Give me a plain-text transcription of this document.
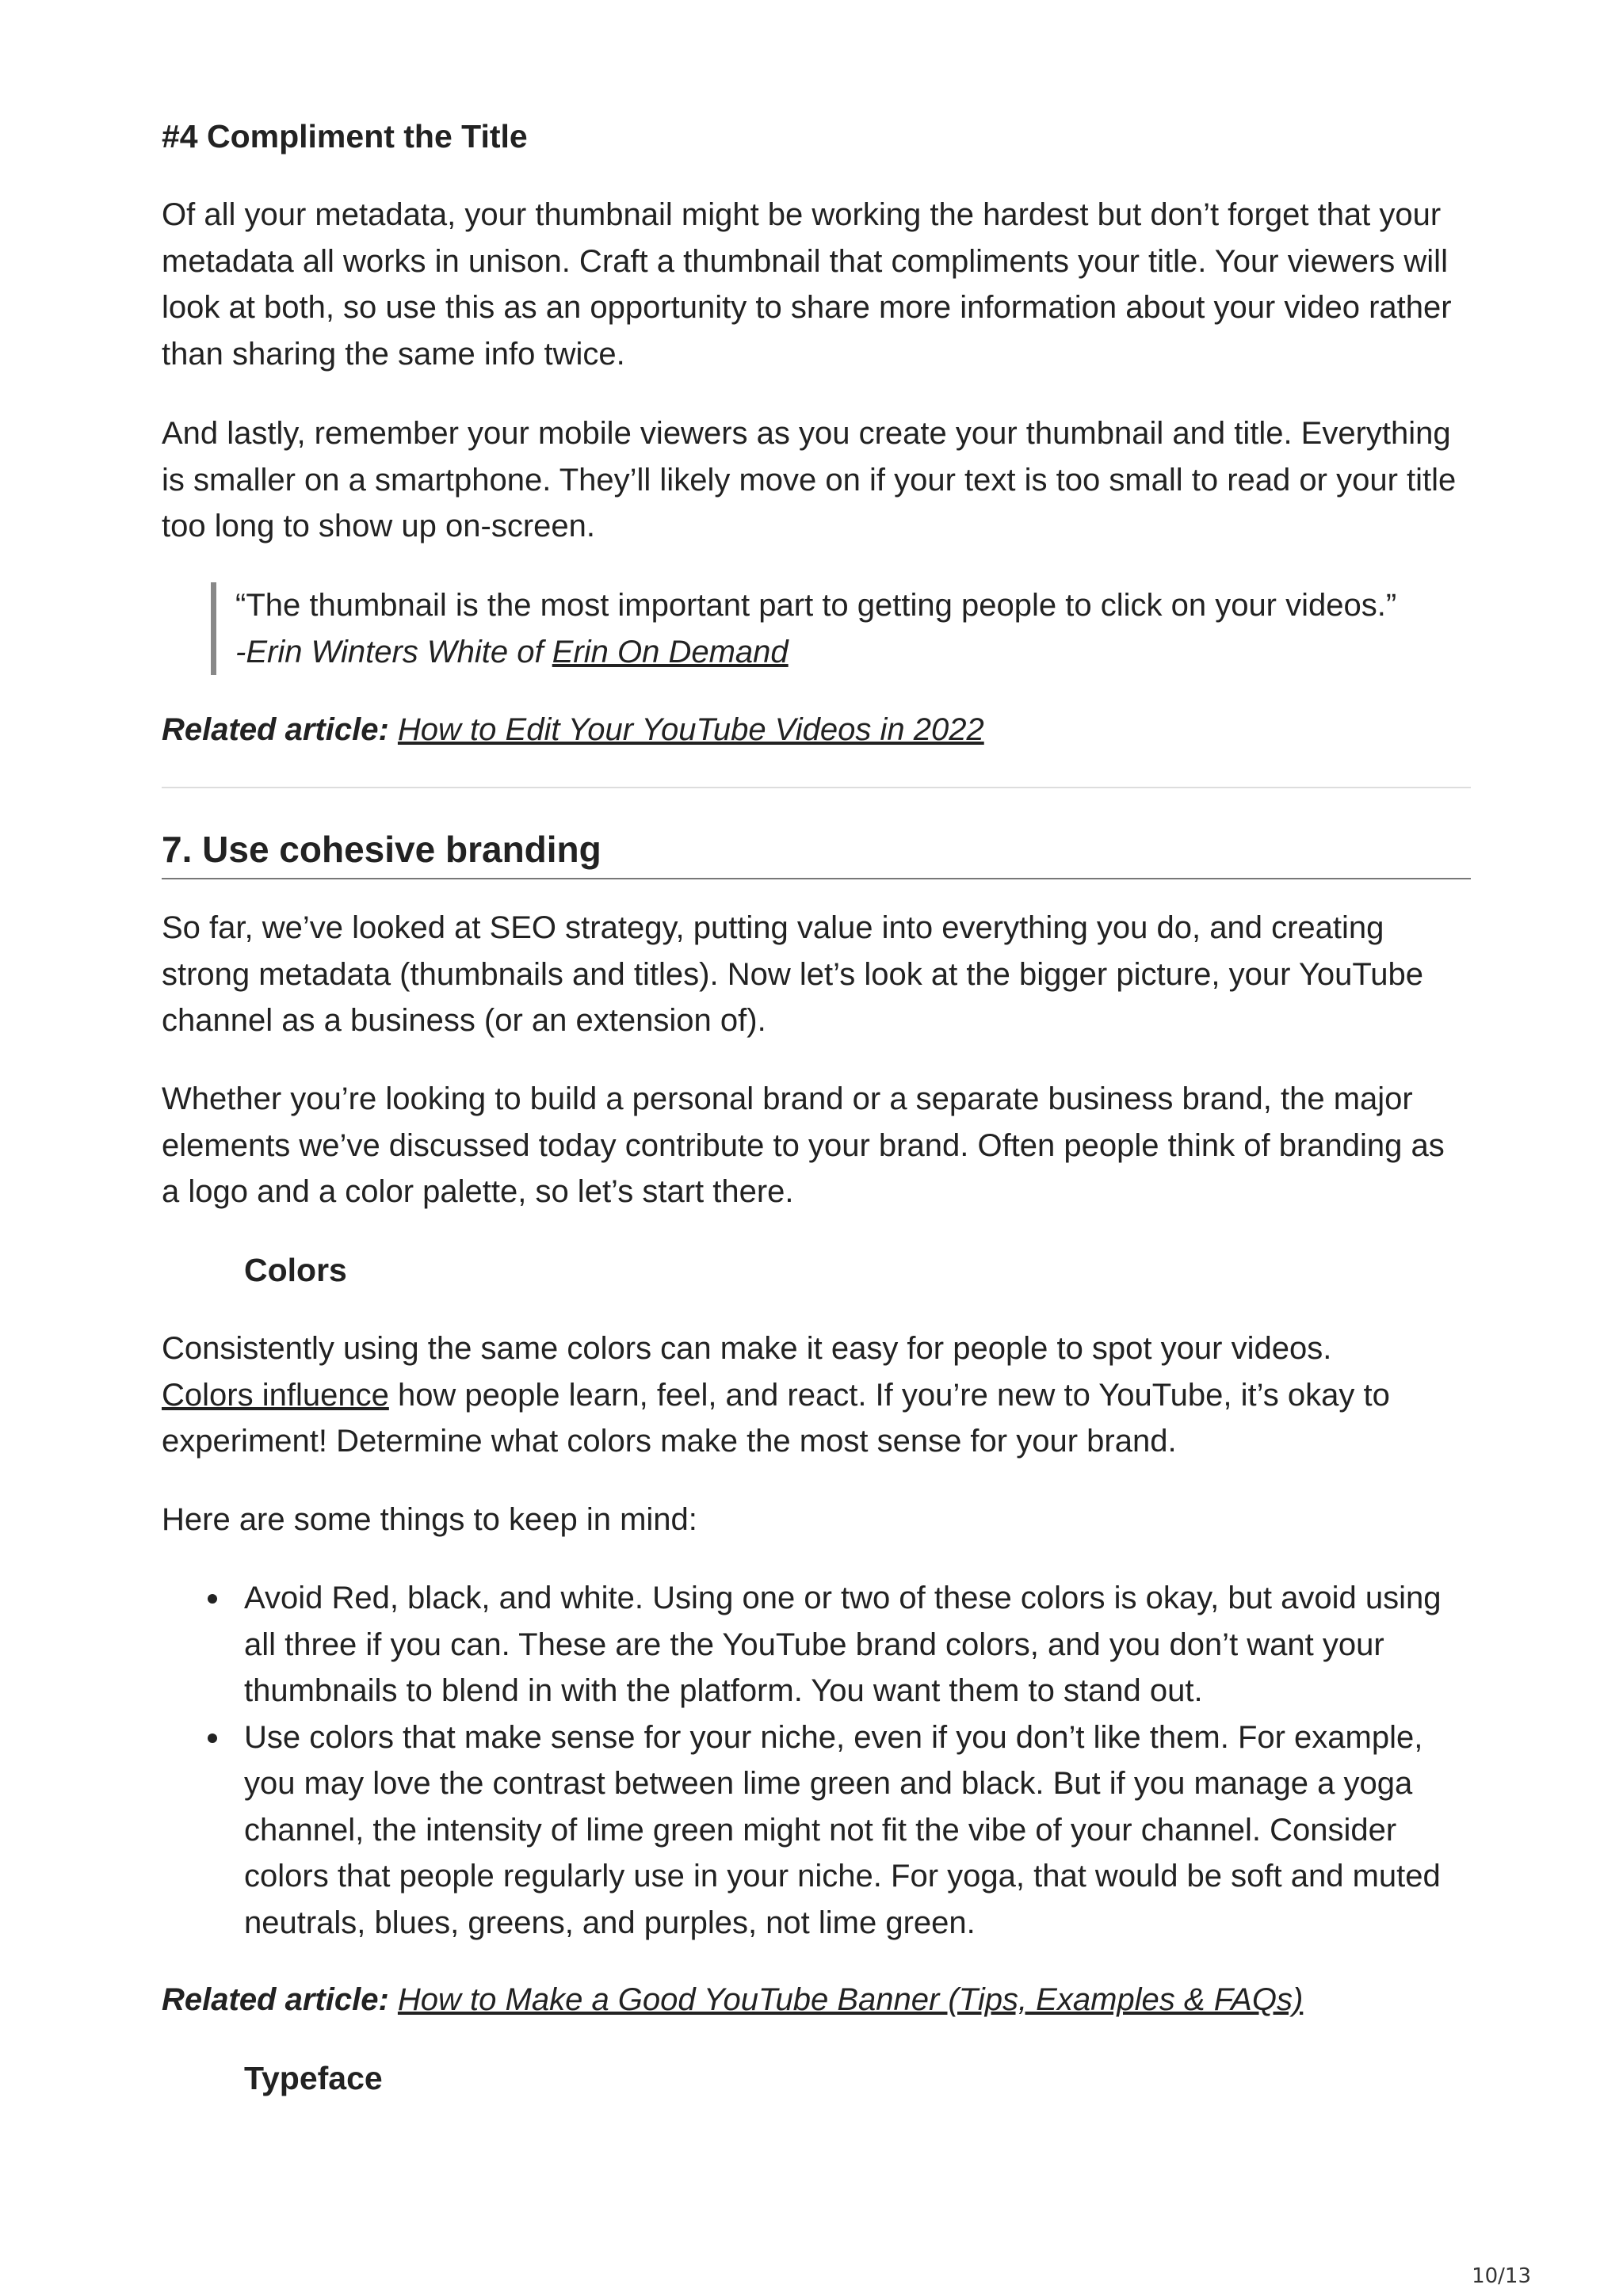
#4 Compliment the Title

Of all your metadata, your thumbnail might be working the hardest but don’t forget that your metadata all works in unison. Craft a thumbnail that compliments your title. Your viewers will look at both, so use this as an opportunity to share more information about your video rather than sharing the same info twice.

And lastly, remember your mobile viewers as you create your thumbnail and title. Everything is smaller on a smartphone. They’ll likely move on if your text is too small to read or your title too long to show up on-screen.

“The thumbnail is the most important part to getting people to click on your videos.”
-Erin Winters White of Erin On Demand
Related article: How to Edit Your YouTube Videos in 2022
7. Use cohesive branding

So far, we’ve looked at SEO strategy, putting value into everything you do, and creating strong metadata (thumbnails and titles). Now let’s look at the bigger picture, your YouTube channel as a business (or an extension of).

Whether you’re looking to build a personal brand or a separate business brand, the major elements we’ve discussed today contribute to your brand. Often people think of branding as a logo and a color palette, so let’s start there.

Colors

Consistently using the same colors can make it easy for people to spot your videos.
Colors influence how people learn, feel, and react. If you’re new to YouTube, it’s okay to experiment! Determine what colors make the most sense for your brand.

Here are some things to keep in mind:

Avoid Red, black, and white. Using one or two of these colors is okay, but avoid using all three if you can. These are the YouTube brand colors, and you don’t want your thumbnails to blend in with the platform. You want them to stand out.
Use colors that make sense for your niche, even if you don’t like them. For example, you may love the contrast between lime green and black. But if you manage a yoga channel, the intensity of lime green might not fit the vibe of your channel. Consider colors that people regularly use in your niche. For yoga, that would be soft and muted neutrals, blues, greens, and purples, not lime green.
Related article: How to Make a Good YouTube Banner (Tips, Examples & FAQs)
Typeface
10/13
